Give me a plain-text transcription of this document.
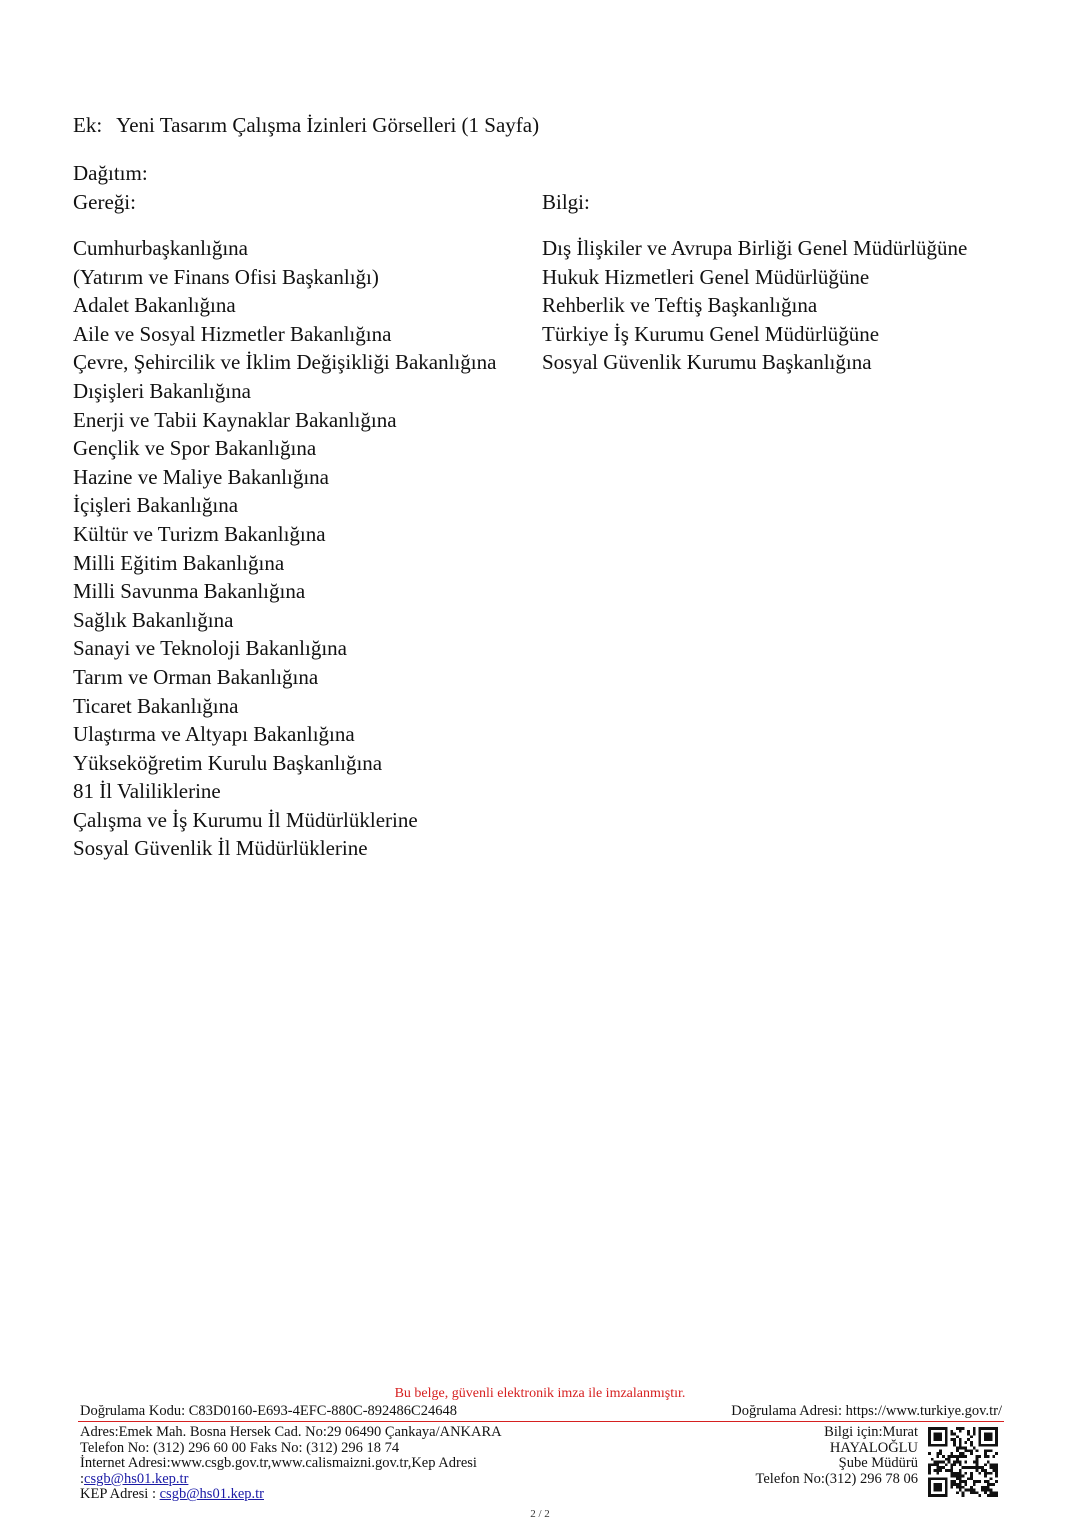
Ek: Yeni Tasarım Çalışma İzinleri Görselleri (1 Sayfa)
Dağıtım:
Gereği:
Cumhurbaşkanlığına
(Yatırım ve Finans Ofisi Başkanlığı)
Adalet Bakanlığına
Aile ve Sosyal Hizmetler Bakanlığına
Çevre, Şehircilik ve İklim Değişikliği Bakanlığına
Dışişleri Bakanlığına
Enerji ve Tabii Kaynaklar Bakanlığına
Gençlik ve Spor Bakanlığına
Hazine ve Maliye Bakanlığına
İçişleri Bakanlığına
Kültür ve Turizm Bakanlığına
Milli Eğitim Bakanlığına
Milli Savunma Bakanlığına
Sağlık Bakanlığına
Sanayi ve Teknoloji Bakanlığına
Tarım ve Orman Bakanlığına
Ticaret Bakanlığına
Ulaştırma ve Altyapı Bakanlığına
Yükseköğretim Kurulu Başkanlığına
81 İl Valiliklerine
Çalışma ve İş Kurumu İl Müdürlüklerine
Sosyal Güvenlik İl Müdürlüklerine
Bilgi:
Dış İlişkiler ve Avrupa Birliği Genel Müdürlüğüne
Hukuk Hizmetleri Genel Müdürlüğüne
Rehberlik ve Teftiş Başkanlığına
Türkiye İş Kurumu Genel Müdürlüğüne
Sosyal Güvenlik Kurumu Başkanlığına
Bu belge, güvenli elektronik imza ile imzalanmıştır.
Doğrulama Kodu: C83D0160-E693-4EFC-880C-892486C24648	Doğrulama Adresi: https://www.turkiye.gov.tr/
Adres:Emek Mah. Bosna Hersek Cad. No:29 06490 Çankaya/ANKARA
Telefon No: (312) 296 60 00 Faks No: (312) 296 18 74
İnternet Adresi:www.csgb.gov.tr,www.calismaizni.gov.tr,Kep Adresi
:csgb@hs01.kep.tr
KEP Adresi : csgb@hs01.kep.tr
Bilgi için:Murat
HAYALOĞLU
Şube Müdürü
Telefon No:(312) 296 78 06
2 / 2
